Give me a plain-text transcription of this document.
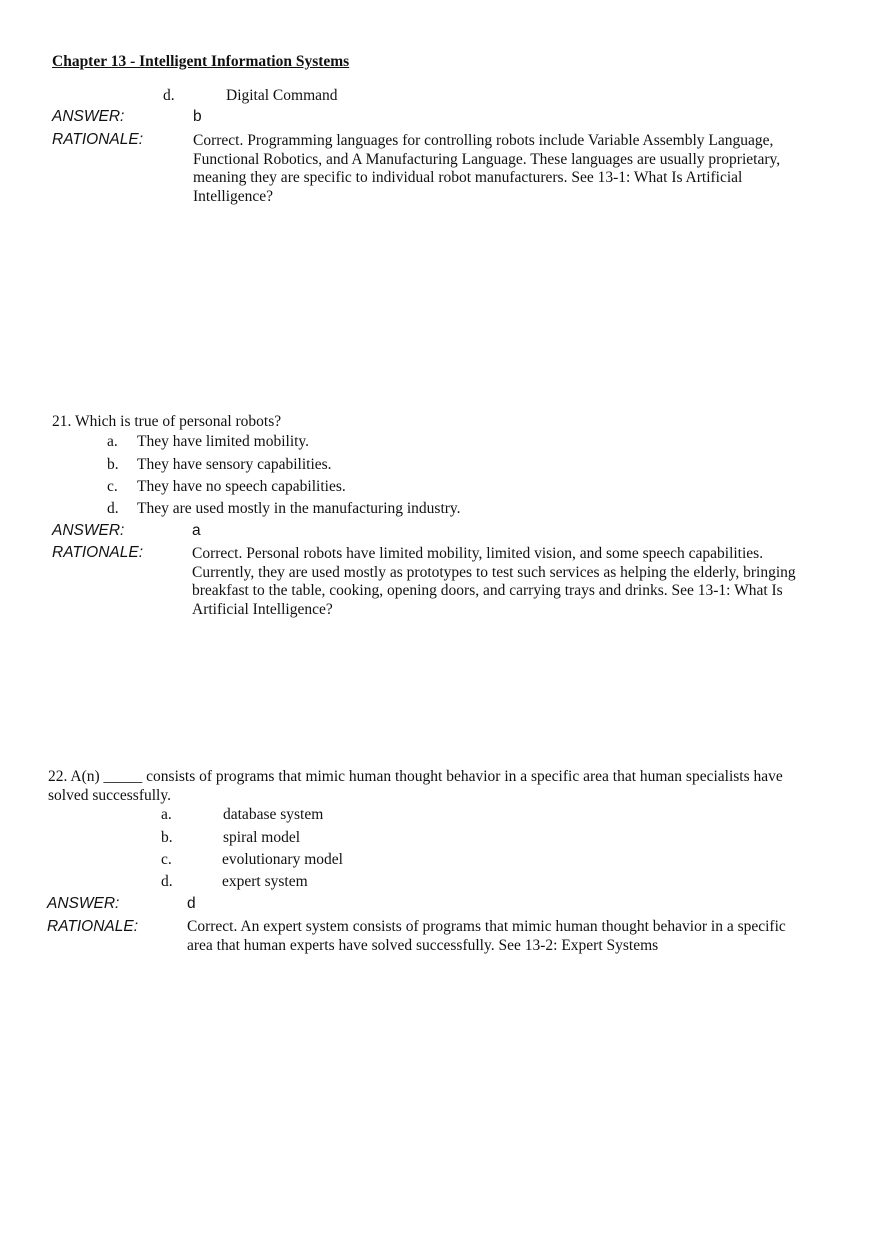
Chapter 13 - Intelligent Information Systems
d.	Digital Command
ANSWER:	b
RATIONALE:	Correct. Programming languages for controlling robots include Variable Assembly Language,
Functional Robotics, and A Manufacturing Language. These languages are usually proprietary,
meaning they are specific to individual robot manufacturers. See 13-1: What Is Artificial
Intelligence?
21. Which is true of personal robots?
a. They have limited mobility.
b. They have sensory capabilities.
c. They have no speech capabilities.
d. They are used mostly in the manufacturing industry.
ANSWER:	a
RATIONALE:	Correct. Personal robots have limited mobility, limited vision, and some speech capabilities.
Currently, they are used mostly as prototypes to test such services as helping the elderly, bringing
breakfast to the table, cooking, opening doors, and carrying trays and drinks. See 13-1: What Is
Artificial Intelligence?
22. A(n) _____ consists of programs that mimic human thought behavior in a specific area that human specialists have
solved successfully.
a.	database system
b.	spiral model
c.	evolutionary model
d.	expert system
ANSWER:	d
RATIONALE:	Correct. An expert system consists of programs that mimic human thought behavior in a specific
area that human experts have solved successfully. See 13-2: Expert Systems
